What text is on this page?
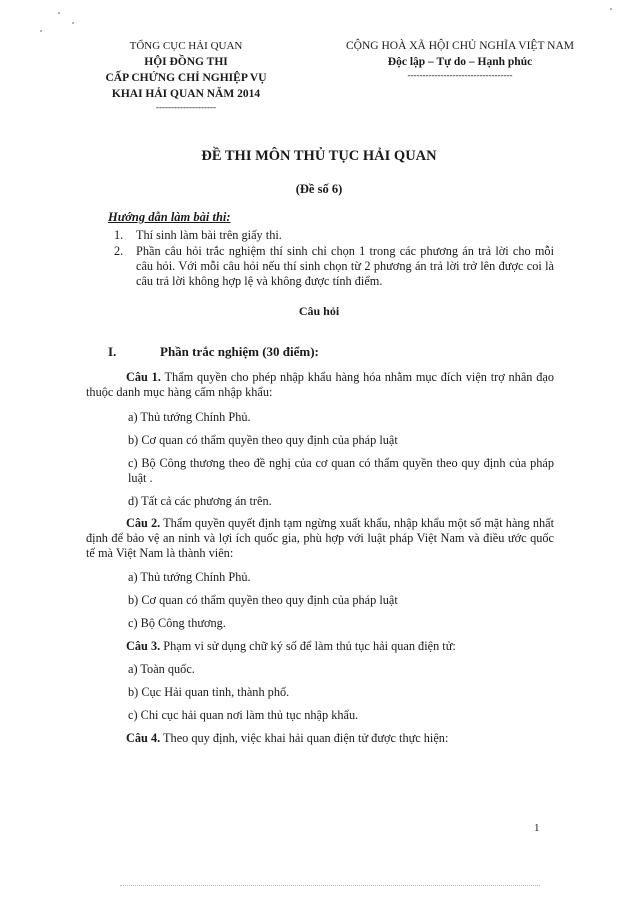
TỔNG CỤC HẢI QUAN
HỘI ĐỒNG THI
CẤP CHỨNG CHỈ NGHIỆP VỤ
KHAI HẢI QUAN NĂM 2014
--------------------
CỘNG HOÀ XÃ HỘI CHỦ NGHĨA VIỆT NAM
Độc lập – Tự do – Hạnh phúc
-----------------------------------
ĐỀ THI MÔN THỦ TỤC HẢI QUAN
(Đề số 6)
Hướng dẫn làm bài thi:
1.	Thí sinh làm bài trên giấy thi.
2.	Phần câu hỏi trắc nghiệm thí sinh chỉ chọn 1 trong các phương án trả lời cho mỗi câu hỏi. Với mỗi câu hỏi nếu thí sinh chọn từ 2 phương án trả lời trở lên được coi là câu trả lời không hợp lệ và không được tính điểm.
Câu hỏi
I.	Phần trắc nghiệm (30 điểm):
Câu 1. Thẩm quyền cho phép nhập khẩu hàng hóa nhằm mục đích viện trợ nhân đạo thuộc danh mục hàng cấm nhập khẩu:
a) Thủ tướng Chính Phủ.
b) Cơ quan có thẩm quyền theo quy định của pháp luật
c) Bộ Công thương theo đề nghị của cơ quan có thẩm quyền theo quy định của pháp luật .
d) Tất cả các phương án trên.
Câu 2. Thẩm quyền quyết định tạm ngừng xuất khẩu, nhập khẩu một số mặt hàng nhất định để bảo vệ an ninh và lợi ích quốc gia, phù hợp với luật pháp Việt Nam và điều ước quốc tế mà Việt Nam là thành viên:
a) Thủ tướng Chính Phủ.
b) Cơ quan có thẩm quyền theo quy định của pháp luật
c) Bộ Công thương.
Câu 3. Phạm vi sử dụng chữ ký số để làm thủ tục hải quan điện tử:
a) Toàn quốc.
b) Cục Hải quan tỉnh, thành phố.
c) Chi cục hải quan nơi làm thủ tục nhập khẩu.
Câu 4. Theo quy định, việc khai hải quan điện tử được thực hiện:
1
